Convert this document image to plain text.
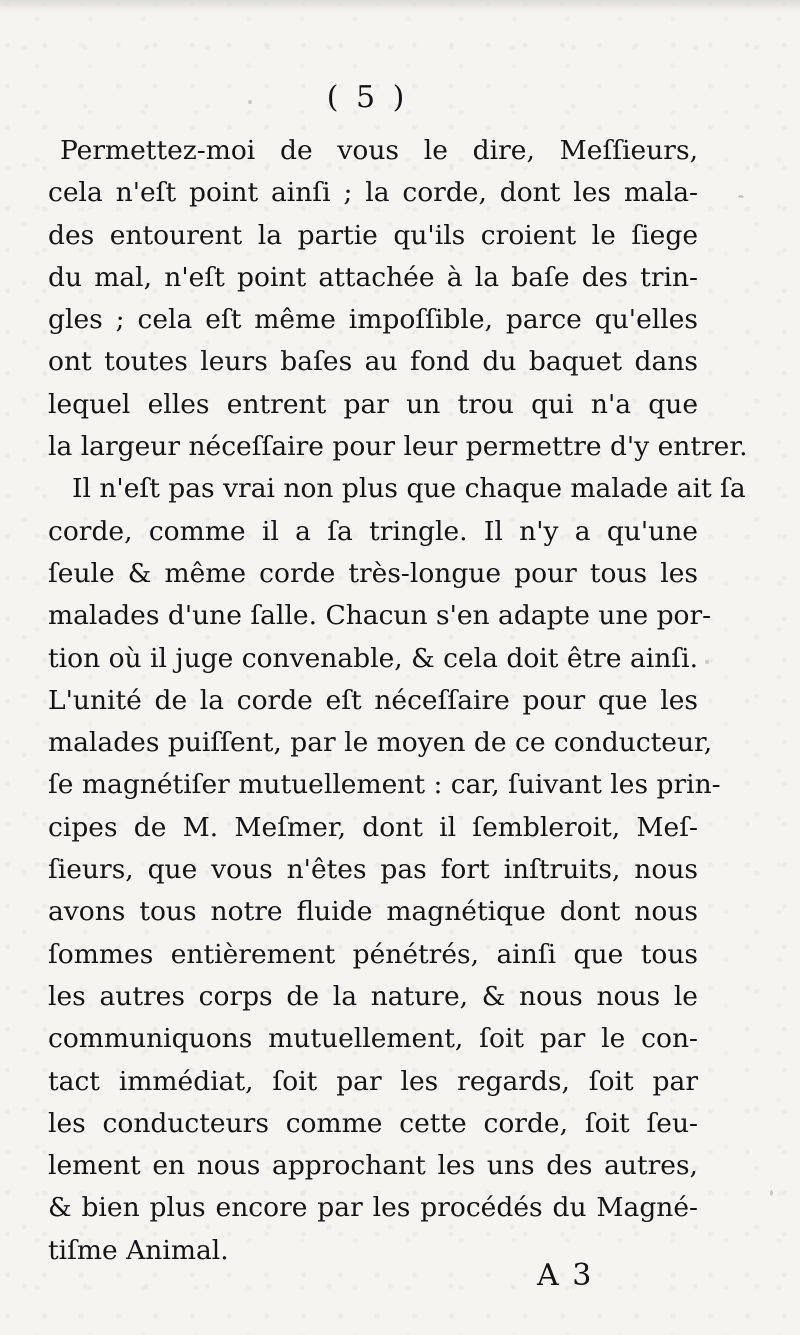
( 5 )
Permettez-moi de vous le dire, Meſſieurs,
cela n'eſt point ainſi ; la corde, dont les mala-
des entourent la partie qu'ils croient le ſiege
du mal, n'eſt point attachée à la baſe des trin-
gles ; cela eſt même impoſſible, parce qu'elles
ont toutes leurs baſes au fond du baquet dans
lequel elles entrent par un trou qui n'a que
la largeur néceſſaire pour leur permettre d'y entrer.
Il n'eſt pas vrai non plus que chaque malade ait ſa
corde, comme il a ſa tringle. Il n'y a qu'une
ſeule & même corde très-longue pour tous les
malades d'une ſalle. Chacun s'en adapte une por-
tion où il juge convenable, & cela doit être ainſi.
L'unité de la corde eſt néceſſaire pour que les
malades puiſſent, par le moyen de ce conducteur,
ſe magnétiſer mutuellement : car, ſuivant les prin-
cipes de M. Meſmer, dont il ſembleroit, Meſ-
ſieurs, que vous n'êtes pas fort inſtruits, nous
avons tous notre fluide magnétique dont nous
ſommes entièrement pénétrés, ainſi que tous
les autres corps de la nature, & nous nous le
communiquons mutuellement, ſoit par le con-
tact immédiat, ſoit par les regards, ſoit par
les conducteurs comme cette corde, ſoit ſeu-
lement en nous approchant les uns des autres,
& bien plus encore par les procédés du Magné-
tiſme Animal.
A 3
